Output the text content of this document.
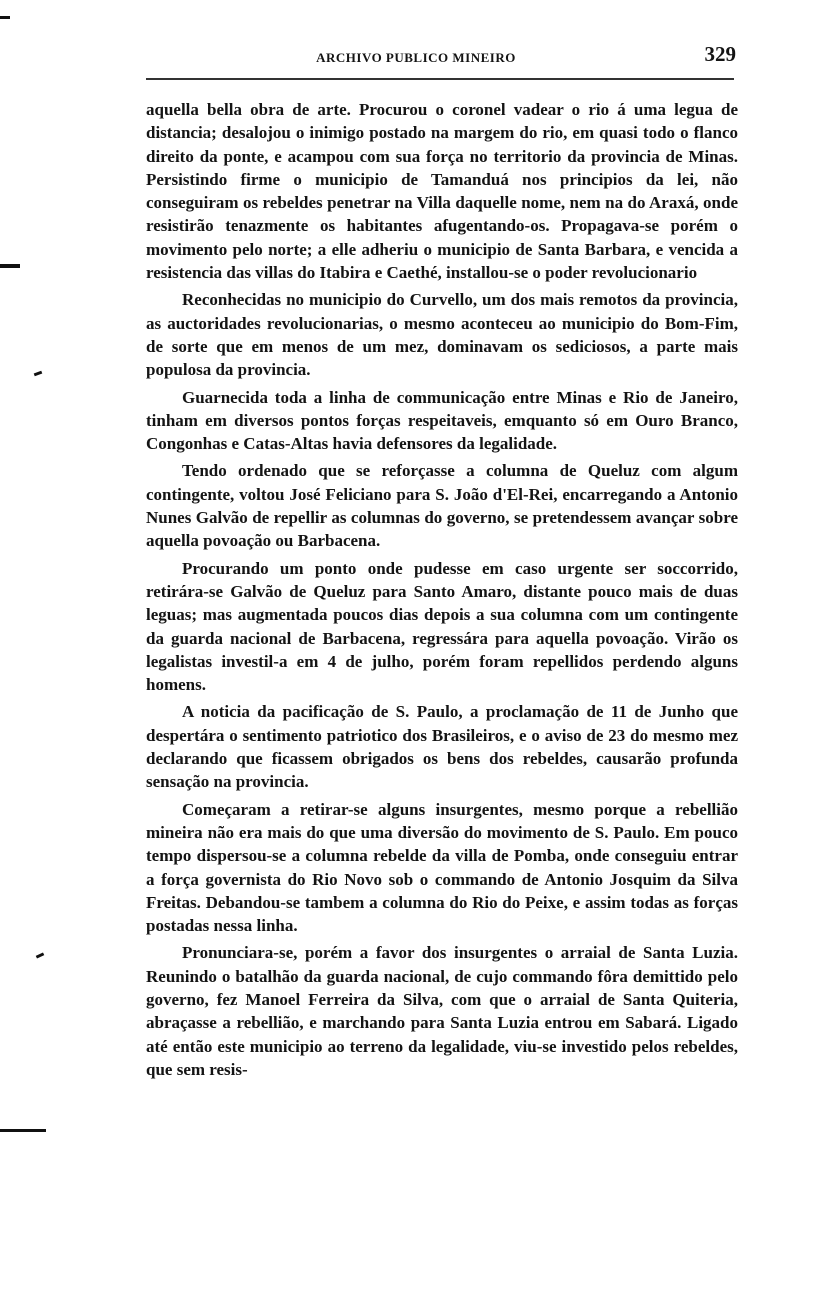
ARCHIVO PUBLICO MINEIRO	329

aquella bella obra de arte. Procurou o coronel vadear o rio á uma legua de distancia; desalojou o inimigo postado na margem do rio, em quasi todo o flanco direito da ponte, e acampou com sua força no territorio da provincia de Minas. Persistindo firme o municipio de Tamanduá nos principios da lei, não conseguiram os rebeldes penetrar na Villa daquelle nome, nem na do Araxá, onde resistirão tenazmente os habitantes afugentando-os. Propagava-se porém o movimento pelo norte; a elle adheriu o municipio de Santa Barbara, e vencida a resistencia das villas do Itabira e Caethé, installou-se o poder revolucionario

Reconhecidas no municipio do Curvello, um dos mais remotos da provincia, as auctoridades revolucionarias, o mesmo aconteceu ao municipio do Bom-Fim, de sorte que em menos de um mez, dominavam os sediciosos, a parte mais populosa da provincia.

Guarnecida toda a linha de communicação entre Minas e Rio de Janeiro, tinham em diversos pontos forças respeitaveis, emquanto só em Ouro Branco, Congonhas e Catas-Altas havia defensores da legalidade.

Tendo ordenado que se reforçasse a columna de Queluz com algum contingente, voltou José Feliciano para S. João d'El-Rei, encarregando a Antonio Nunes Galvão de repellir as columnas do governo, se pretendessem avançar sobre aquella povoação ou Barbacena.

Procurando um ponto onde pudesse em caso urgente ser soccorrido, retirára-se Galvão de Queluz para Santo Amaro, distante pouco mais de duas leguas; mas augmentada poucos dias depois a sua columna com um contingente da guarda nacional de Barbacena, regressára para aquella povoação. Virão os legalistas investil-a em 4 de julho, porém foram repellidos perdendo alguns homens.

A noticia da pacificação de S. Paulo, a proclamação de 11 de Junho que despertára o sentimento patriotico dos Brasileiros, e o aviso de 23 do mesmo mez declarando que ficassem obrigados os bens dos rebeldes, causarão profunda sensação na provincia.

Começaram a retirar-se alguns insurgentes, mesmo porque a rebellião mineira não era mais do que uma diversão do movimento de S. Paulo. Em pouco tempo dispersou-se a columna rebelde da villa de Pomba, onde conseguiu entrar a força governista do Rio Novo sob o commando de Antonio Josquim da Silva Freitas. Debandou-se tambem a columna do Rio do Peixe, e assim todas as forças postadas nessa linha.

Pronunciara-se, porém a favor dos insurgentes o arraial de Santa Luzia. Reunindo o batalhão da guarda nacional, de cujo commando fôra demittido pelo governo, fez Manoel Ferreira da Silva, com que o arraial de Santa Quiteria, abraçasse a rebellião, e marchando para Santa Luzia entrou em Sabará. Ligado até então este municipio ao terreno da legalidade, viu-se investido pelos rebeldes, que sem resis-
